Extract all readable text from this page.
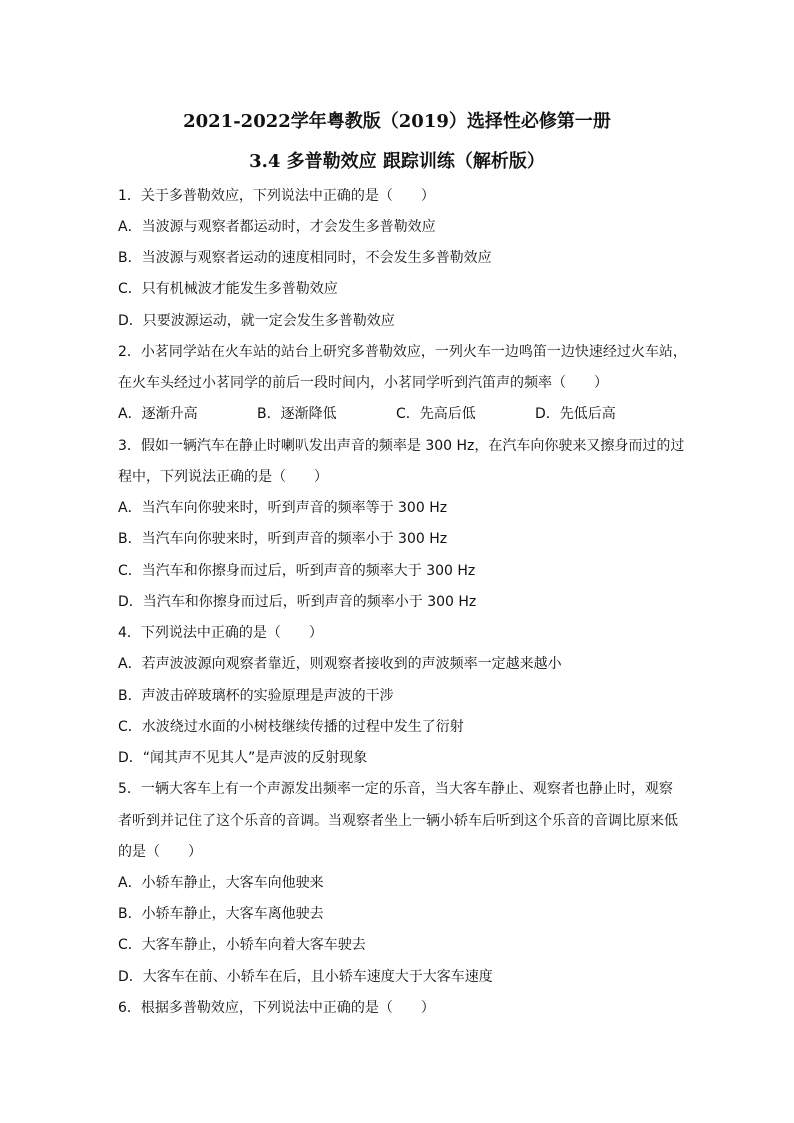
2021-2022学年粤教版（2019）选择性必修第一册
3.4 多普勒效应 跟踪训练（解析版）
1．关于多普勒效应，下列说法中正确的是（　　）
A．当波源与观察者都运动时，才会发生多普勒效应
B．当波源与观察者运动的速度相同时，不会发生多普勒效应
C．只有机械波才能发生多普勒效应
D．只要波源运动，就一定会发生多普勒效应
2．小茗同学站在火车站的站台上研究多普勒效应，一列火车一边鸣笛一边快速经过火车站，
在火车头经过小茗同学的前后一段时间内，小茗同学听到汽笛声的频率（　　）
A．逐渐升高	B．逐渐降低	C．先高后低	D．先低后高
3．假如一辆汽车在静止时喇叭发出声音的频率是 300 Hz，在汽车向你驶来又擦身而过的过
程中，下列说法正确的是（　　）
A．当汽车向你驶来时，听到声音的频率等于 300 Hz
B．当汽车向你驶来时，听到声音的频率小于 300 Hz
C．当汽车和你擦身而过后，听到声音的频率大于 300 Hz
D．当汽车和你擦身而过后，听到声音的频率小于 300 Hz
4．下列说法中正确的是（　　）
A．若声波波源向观察者靠近，则观察者接收到的声波频率一定越来越小
B．声波击碎玻璃杯的实验原理是声波的干涉
C．水波绕过水面的小树枝继续传播的过程中发生了衍射
D．“闻其声不见其人”是声波的反射现象
5．一辆大客车上有一个声源发出频率一定的乐音，当大客车静止、观察者也静止时，观察
者听到并记住了这个乐音的音调。当观察者坐上一辆小轿车后听到这个乐音的音调比原来低
的是（　　）
A．小轿车静止，大客车向他驶来
B．小轿车静止，大客车离他驶去
C．大客车静止，小轿车向着大客车驶去
D．大客车在前、小轿车在后，且小轿车速度大于大客车速度
6．根据多普勒效应，下列说法中正确的是（　　）
